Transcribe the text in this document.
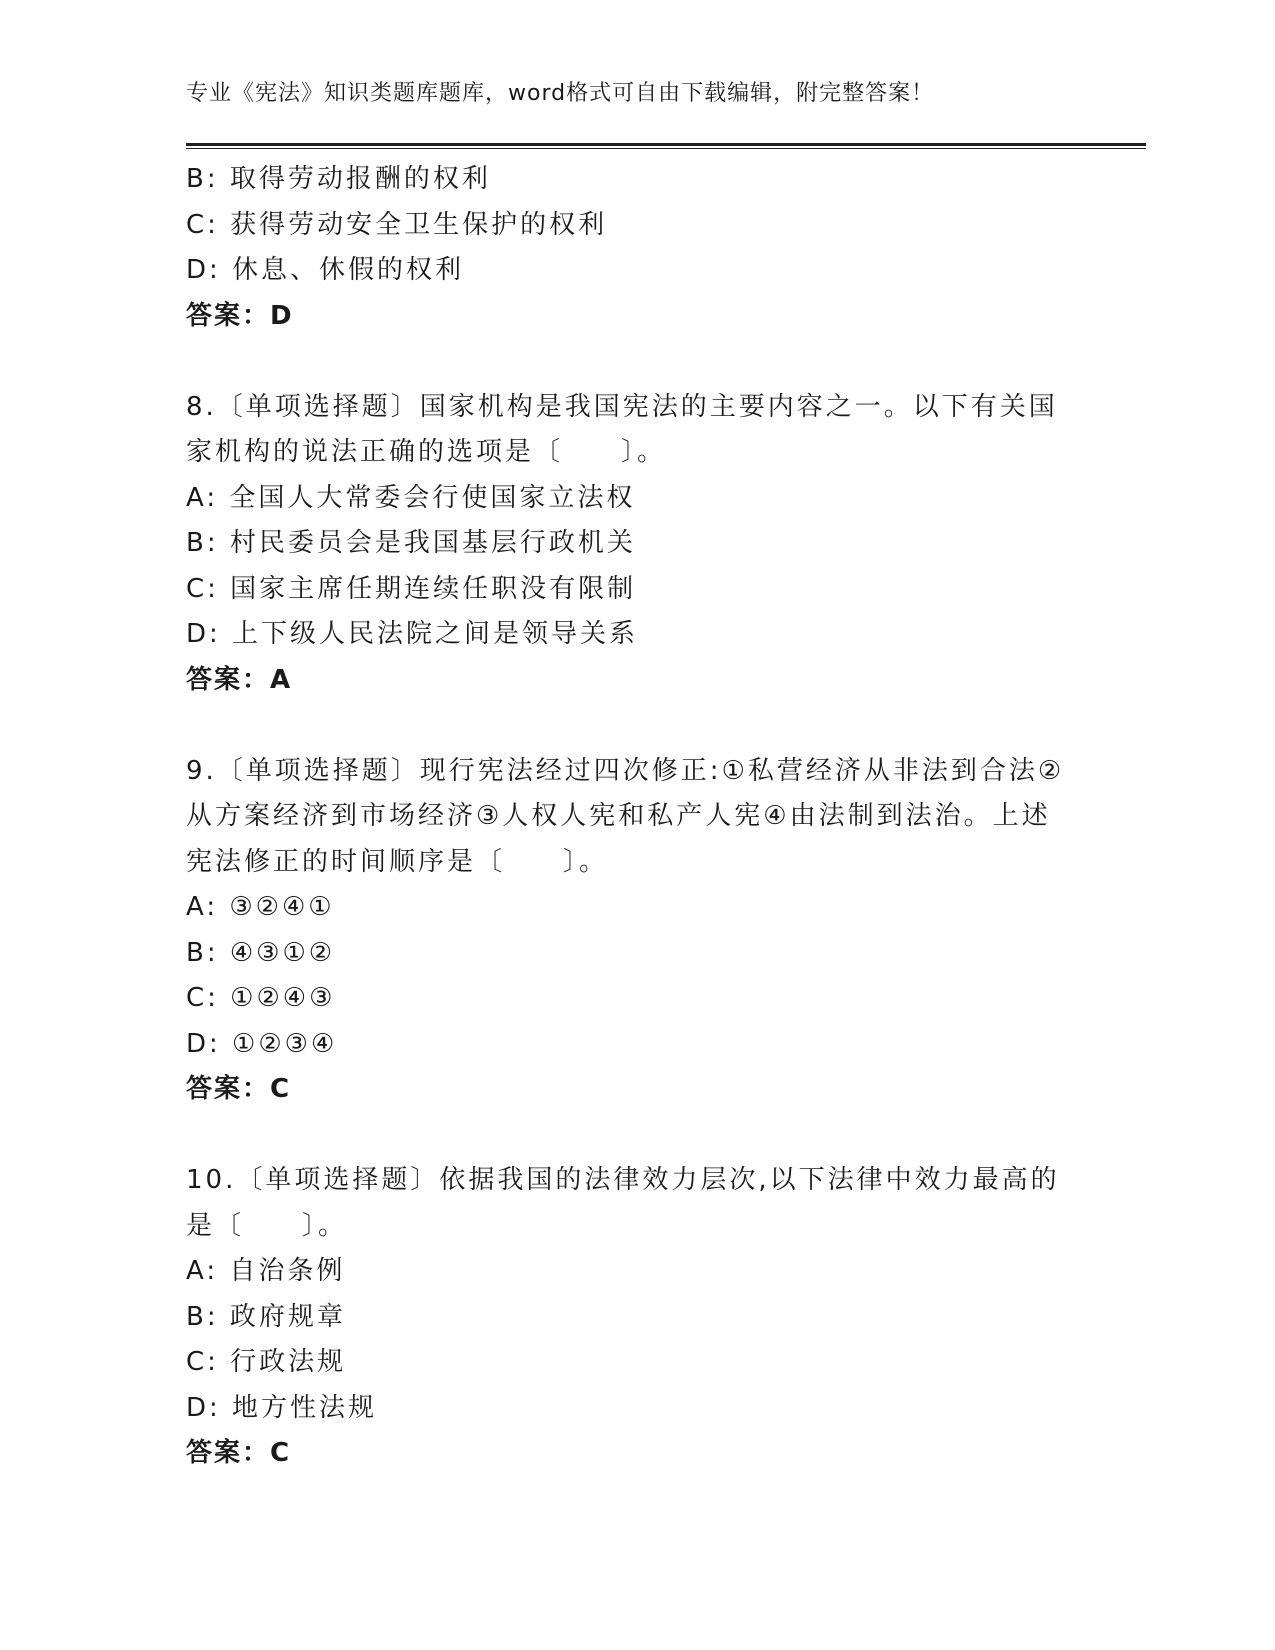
专业《宪法》知识类题库题库，word格式可自由下载编辑，附完整答案！
B: 取得劳动报酬的权利
C: 获得劳动安全卫生保护的权利
D: 休息、休假的权利
答案：D
8.〔单项选择题〕国家机构是我国宪法的主要内容之一。以下有关国
家机构的说法正确的选项是〔　　〕。
A: 全国人大常委会行使国家立法权
B: 村民委员会是我国基层行政机关
C: 国家主席任期连续任职没有限制
D: 上下级人民法院之间是领导关系
答案：A
9.〔单项选择题〕现行宪法经过四次修正:①私营经济从非法到合法②
从方案经济到市场经济③人权人宪和私产人宪④由法制到法治。上述
宪法修正的时间顺序是〔　　〕。
A: ③②④①
B: ④③①②
C: ①②④③
D: ①②③④
答案：C
10.〔单项选择题〕依据我国的法律效力层次,以下法律中效力最高的
是〔　　〕。
A: 自治条例
B: 政府规章
C: 行政法规
D: 地方性法规
答案：C
